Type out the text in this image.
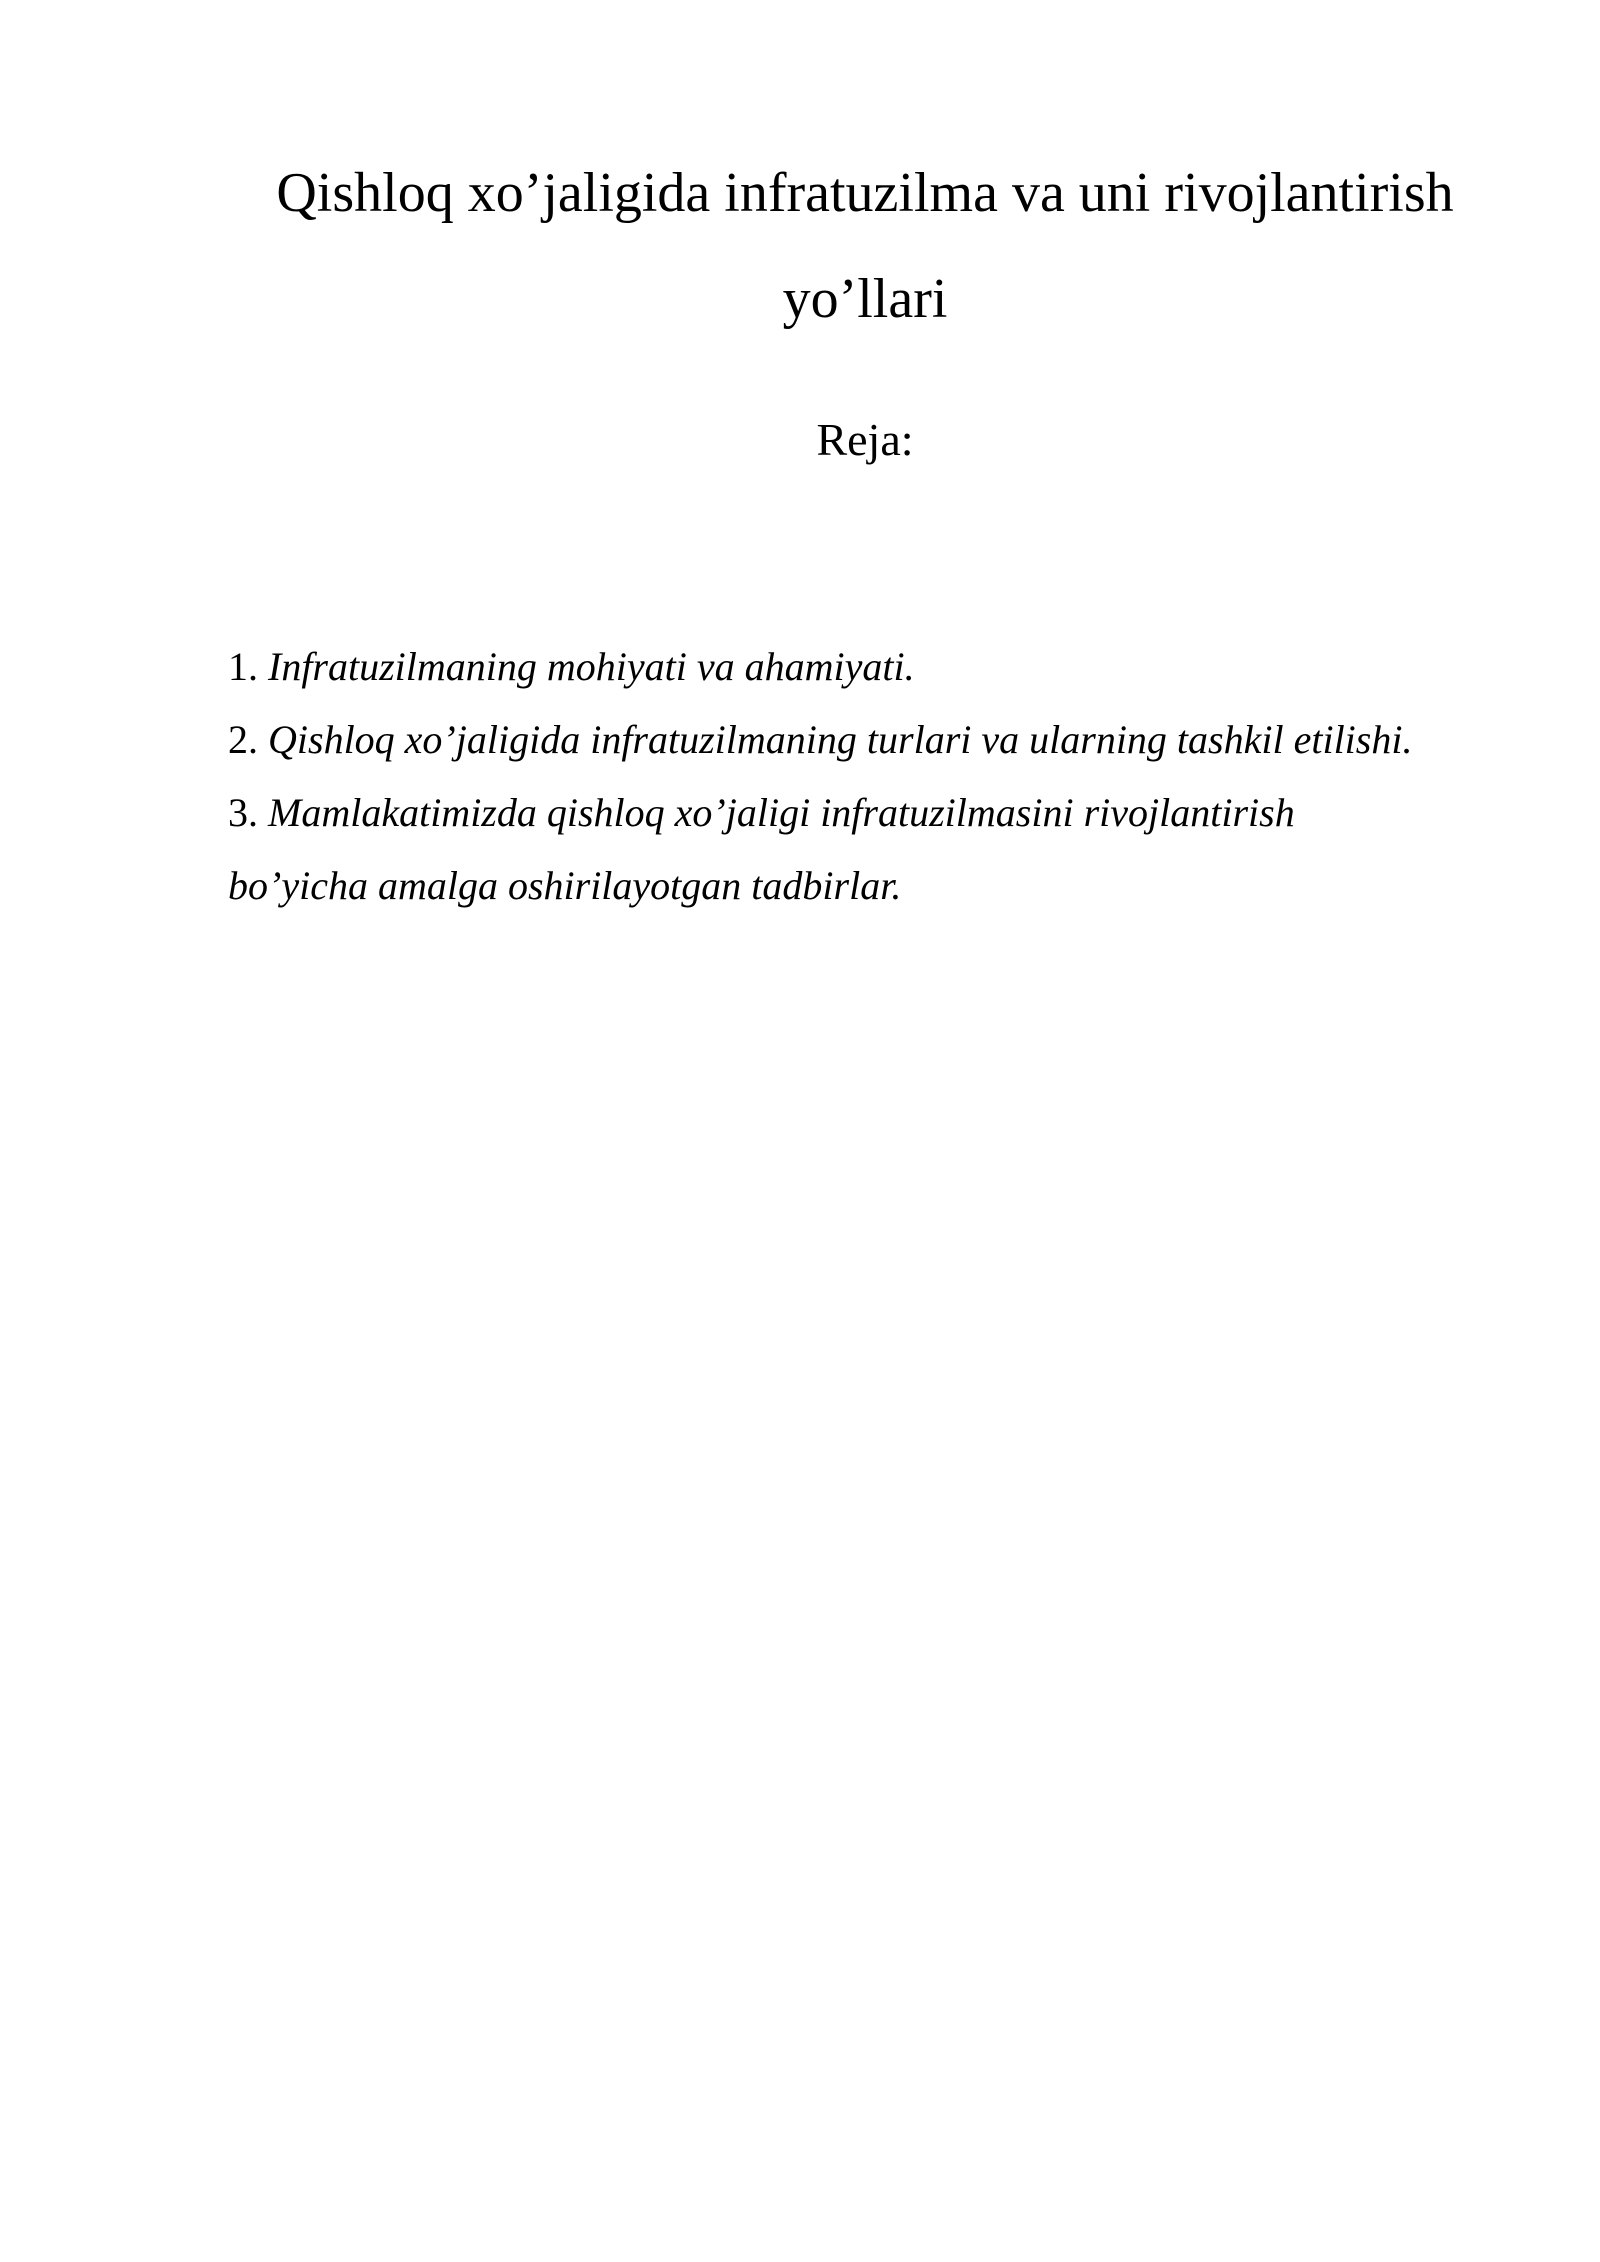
Qishloq xo’jaligida infratuzilma va uni rivojlantirish yo’llari
Reja:
1. Infratuzilmaning mohiyati va ahamiyati.
2. Qishloq xo’jaligida infratuzilmaning turlari va ularning tashkil etilishi.
3. Mamlakatimizda qishloq xo’jaligi infratuzilmasini rivojlantirish bo’yicha amalga oshirilayotgan tadbirlar.
